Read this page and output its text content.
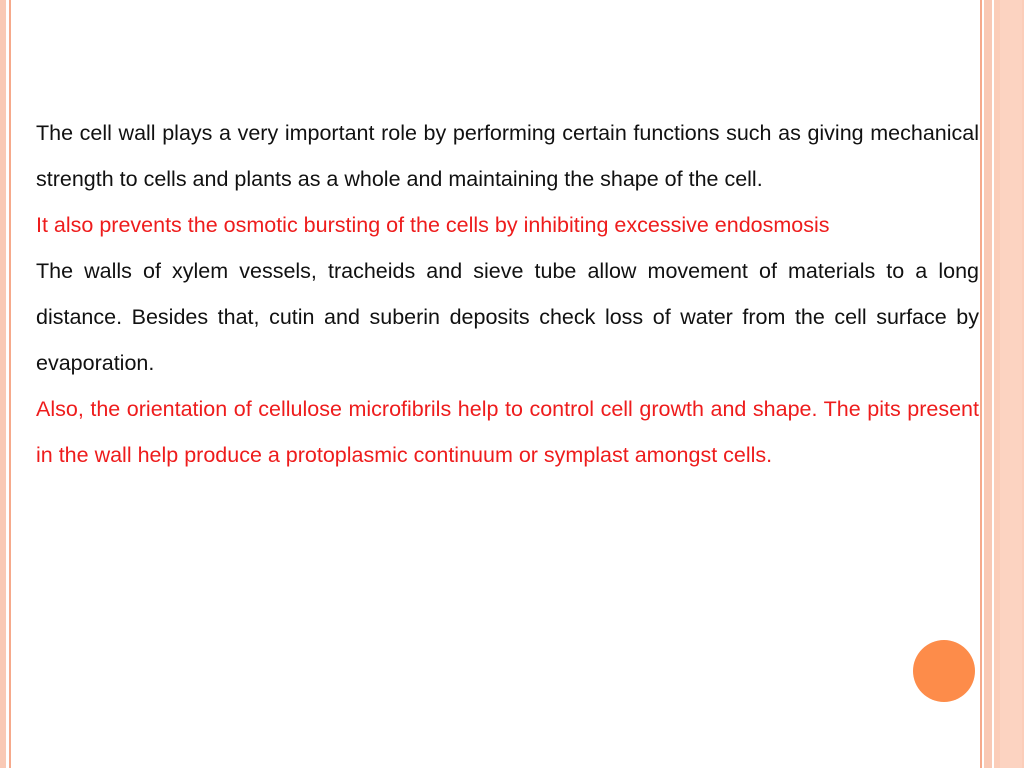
The cell wall plays a very important role by performing certain functions such as giving mechanical strength to cells and plants as a whole and maintaining the shape of the cell.

It also prevents the osmotic bursting of the cells by inhibiting excessive endosmosis

The walls of xylem vessels, tracheids and sieve tube allow movement of materials to a long distance. Besides that, cutin and suberin deposits check loss of water from the cell surface by evaporation.

Also, the orientation of cellulose microfibrils help to control cell growth and shape. The pits present in the wall help produce a protoplasmic continuum or symplast amongst cells.
